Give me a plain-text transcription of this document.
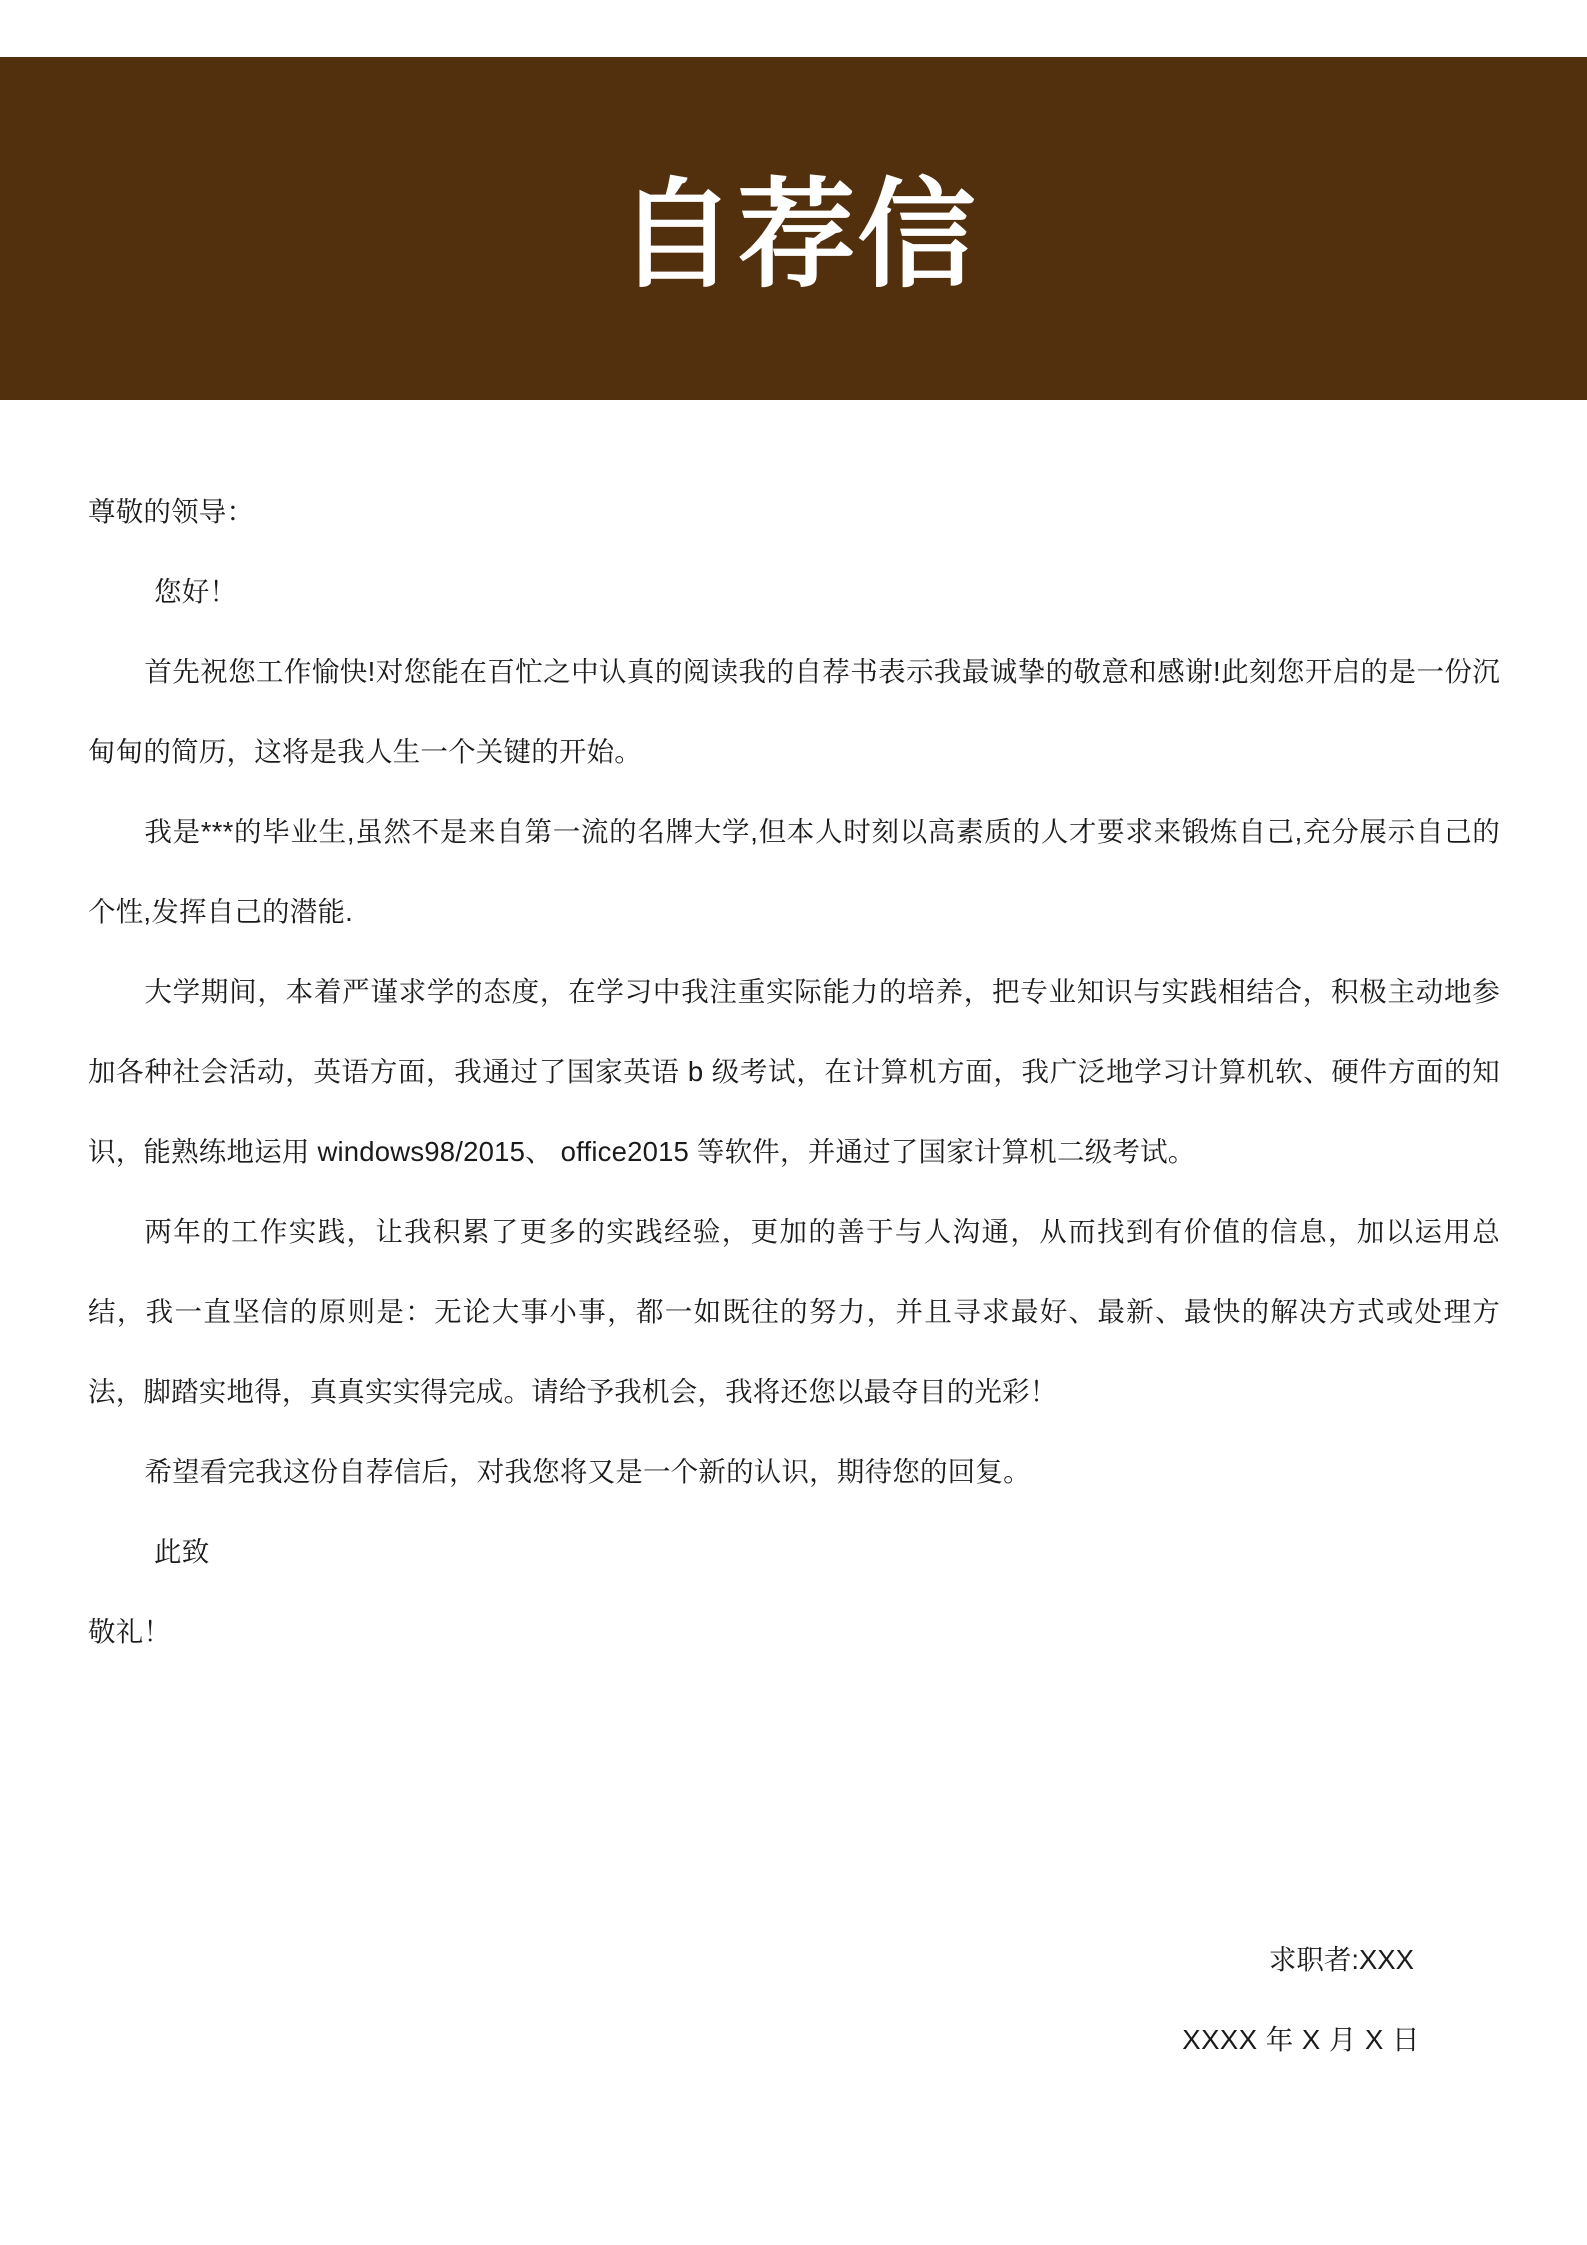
自荐信

尊敬的领导：

您好！

首先祝您工作愉快!对您能在百忙之中认真的阅读我的自荐书表示我最诚挚的敬意和感谢!此刻您开启的是一份沉甸甸的简历，这将是我人生一个关键的开始。

我是***的毕业生,虽然不是来自第一流的名牌大学,但本人时刻以高素质的人才要求来锻炼自己,充分展示自己的个性,发挥自己的潜能.

大学期间，本着严谨求学的态度，在学习中我注重实际能力的培养，把专业知识与实践相结合，积极主动地参加各种社会活动，英语方面，我通过了国家英语 b 级考试，在计算机方面，我广泛地学习计算机软、硬件方面的知识，能熟练地运用 windows98/2015、 office2015 等软件，并通过了国家计算机二级考试。

两年的工作实践，让我积累了更多的实践经验，更加的善于与人沟通，从而找到有价值的信息，加以运用总结，我一直坚信的原则是：无论大事小事，都一如既往的努力，并且寻求最好、最新、最快的解决方式或处理方法，脚踏实地得，真真实实得完成。请给予我机会，我将还您以最夺目的光彩！

希望看完我这份自荐信后，对我您将又是一个新的认识，期待您的回复。

此致

敬礼！

求职者:XXX

XXXX 年 X 月 X 日
